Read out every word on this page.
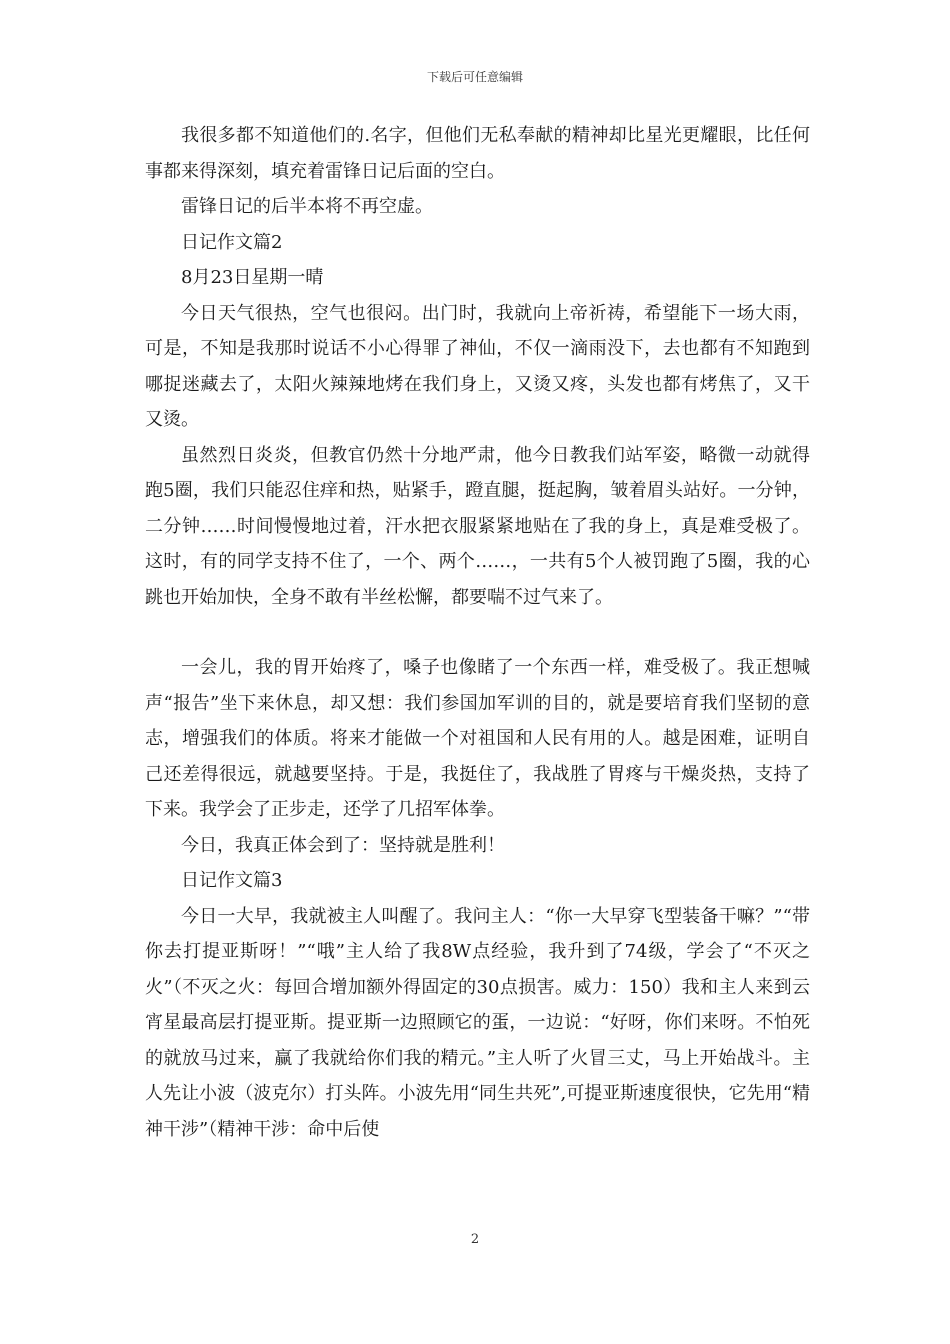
下载后可任意编辑

我很多都不知道他们的.名字，但他们无私奉献的精神却比星光更耀眼，比任何事都来得深刻，填充着雷锋日记后面的空白。

雷锋日记的后半本将不再空虚。

日记作文篇2

8月23日星期一晴

今日天气很热，空气也很闷。出门时，我就向上帝祈祷，希望能下一场大雨，可是，不知是我那时说话不小心得罪了神仙，不仅一滴雨没下，去也都有不知跑到哪捉迷藏去了，太阳火辣辣地烤在我们身上，又烫又疼，头发也都有烤焦了，又干又烫。

虽然烈日炎炎，但教官仍然十分地严肃，他今日教我们站军姿，略微一动就得跑5圈，我们只能忍住痒和热，贴紧手，蹬直腿，挺起胸，皱着眉头站好。一分钟，二分钟……时间慢慢地过着，汗水把衣服紧紧地贴在了我的身上，真是难受极了。这时，有的同学支持不住了，一个、两个……，一共有5个人被罚跑了5圈，我的心跳也开始加快，全身不敢有半丝松懈，都要喘不过气来了。

一会儿，我的胃开始疼了，嗓子也像睹了一个东西一样，难受极了。我正想喊声“报告”坐下来休息，却又想：我们参国加军训的目的，就是要培育我们坚韧的意志，增强我们的体质。将来才能做一个对祖国和人民有用的人。越是困难，证明自己还差得很远，就越要坚持。于是，我挺住了，我战胜了胃疼与干燥炎热，支持了下来。我学会了正步走，还学了几招军体拳。

今日，我真正体会到了：坚持就是胜利！

日记作文篇3

今日一大早，我就被主人叫醒了。我问主人：“你一大早穿飞型装备干嘛？”“带你去打提亚斯呀！”“哦”主人给了我8W点经验，我升到了74级，学会了“不灭之火”（不灭之火：每回合增加额外得固定的30点损害。威力：150）我和主人来到云宵星最高层打提亚斯。提亚斯一边照顾它的蛋，一边说：“好呀，你们来呀。不怕死的就放马过来，赢了我就给你们我的精元。”主人听了火冒三丈，马上开始战斗。主人先让小波（波克尔）打头阵。小波先用“同生共死”,可提亚斯速度很快，它先用“精神干涉”（精神干涉：命中后使

2
